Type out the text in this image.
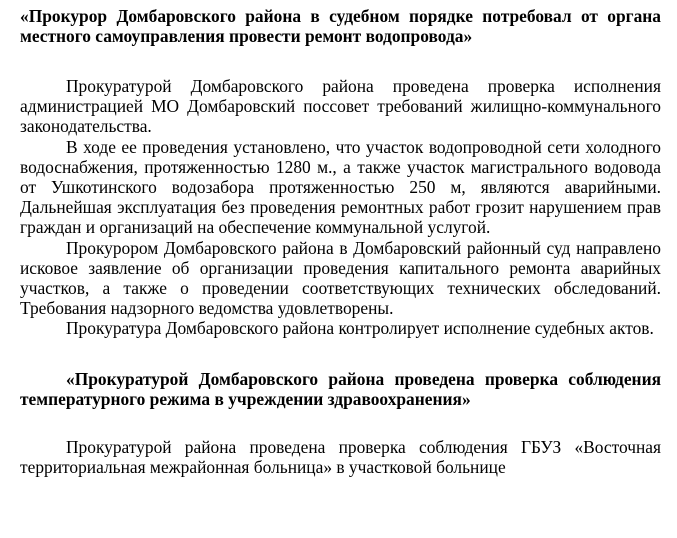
«Прокурор Домбаровского района в судебном порядке потребовал от органа местного самоуправления провести ремонт водопровода»

Прокуратурой Домбаровского района проведена проверка исполнения администрацией МО Домбаровский поссовет требований жилищно-коммунального законодательства.

В ходе ее проведения установлено, что участок водопроводной сети холодного водоснабжения, протяженностью 1280 м., а также участок магистрального водовода от Ушкотинского водозабора протяженностью 250 м, являются аварийными. Дальнейшая эксплуатация без проведения ремонтных работ грозит нарушением прав граждан и организаций на обеспечение коммунальной услугой.

Прокурором Домбаровского района в Домбаровский районный суд направлено исковое заявление об организации проведения капитального ремонта аварийных участков, а также о проведении соответствующих технических обследований. Требования надзорного ведомства удовлетворены.

Прокуратура Домбаровского района контролирует исполнение судебных актов.

«Прокуратурой Домбаровского района проведена проверка соблюдения температурного режима в учреждении здравоохранения»

Прокуратурой района проведена проверка соблюдения ГБУЗ «Восточная территориальная межрайонная больница» в участковой больнице
